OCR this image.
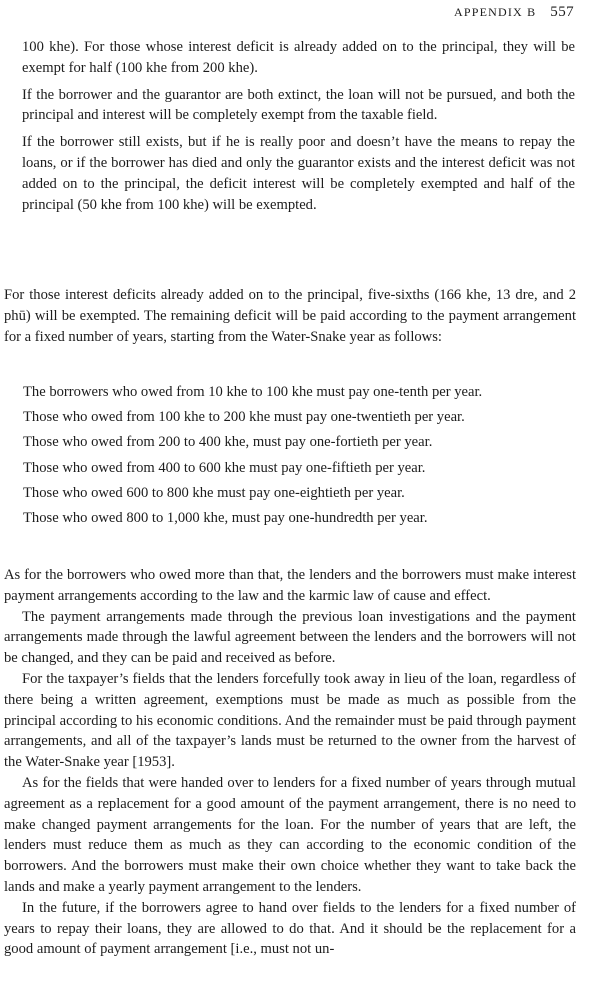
APPENDIX B 557

100 khe). For those whose interest deficit is already added on to the principal, they will be exempt for half (100 khe from 200 khe).

If the borrower and the guarantor are both extinct, the loan will not be pursued, and both the principal and interest will be completely exempt from the taxable field.

If the borrower still exists, but if he is really poor and doesn’t have the means to repay the loans, or if the borrower has died and only the guarantor exists and the interest deficit was not added on to the principal, the deficit interest will be completely exempted and half of the principal (50 khe from 100 khe) will be exempted.

For those interest deficits already added on to the principal, five-sixths (166 khe, 13 dre, and 2 phū) will be exempted. The remaining deficit will be paid according to the payment arrangement for a fixed number of years, starting from the Water-Snake year as follows:

The borrowers who owed from 10 khe to 100 khe must pay one-tenth per year.
Those who owed from 100 khe to 200 khe must pay one-twentieth per year.
Those who owed from 200 to 400 khe, must pay one-fortieth per year.
Those who owed from 400 to 600 khe must pay one-fiftieth per year.
Those who owed 600 to 800 khe must pay one-eightieth per year.
Those who owed 800 to 1,000 khe, must pay one-hundredth per year.

As for the borrowers who owed more than that, the lenders and the borrowers must make interest payment arrangements according to the law and the karmic law of cause and effect.

The payment arrangements made through the previous loan investigations and the payment arrangements made through the lawful agreement between the lenders and the borrowers will not be changed, and they can be paid and received as before.

For the taxpayer’s fields that the lenders forcefully took away in lieu of the loan, regardless of there being a written agreement, exemptions must be made as much as possible from the principal according to his economic conditions. And the remainder must be paid through payment arrangements, and all of the taxpayer’s lands must be returned to the owner from the harvest of the Water-Snake year [1953].

As for the fields that were handed over to lenders for a fixed number of years through mutual agreement as a replacement for a good amount of the payment arrangement, there is no need to make changed payment arrangements for the loan. For the number of years that are left, the lenders must reduce them as much as they can according to the economic condition of the borrowers. And the borrowers must make their own choice whether they want to take back the lands and make a yearly payment arrangement to the lenders.

In the future, if the borrowers agree to hand over fields to the lenders for a fixed number of years to repay their loans, they are allowed to do that. And it should be the replacement for a good amount of payment arrangement [i.e., must not un-
